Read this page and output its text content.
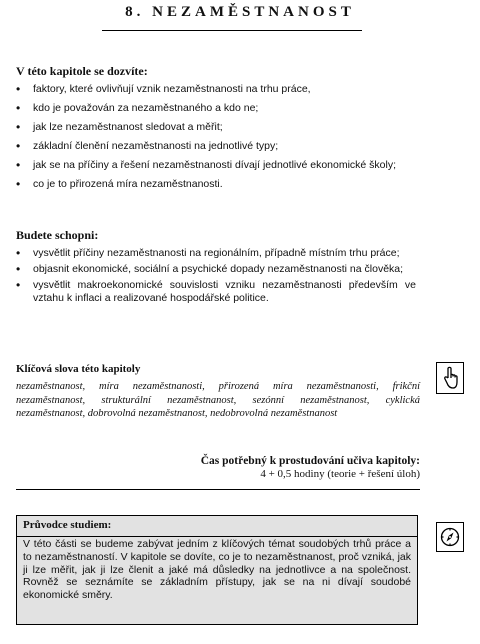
8. NEZAMĚSTNANOST
V této kapitole se dozvíte:
• faktory, které ovlivňují vznik nezaměstnanosti na trhu práce,
• kdo je považován za nezaměstnaného a kdo ne;
• jak lze nezaměstnanost sledovat a měřit;
• základní členění nezaměstnanosti na jednotlivé typy;
• jak se na příčiny a řešení nezaměstnanosti dívají jednotlivé ekonomické školy;
• co je to přirozená míra nezaměstnanosti.
Budete schopni:
• vysvětlit příčiny nezaměstnanosti na regionálním, případně místním trhu práce;
• objasnit ekonomické, sociální a psychické dopady nezaměstnanosti na člověka;
• vysvětlit makroekonomické souvislosti vzniku nezaměstnanosti především ve vztahu k inflaci a realizované hospodářské politice.
Klíčová slova této kapitoly
nezaměstnanost, míra nezaměstnanosti, přirozená míra nezaměstnanosti, frikční nezaměstnanost, strukturální nezaměstnanost, sezónní nezaměstnanost, cyklická nezaměstnanost, dobrovolná nezaměstnanost, nedobrovolná nezaměstnanost
Čas potřebný k prostudování učiva kapitoly:
4 + 0,5 hodiny (teorie + řešení úloh)
Průvodce studiem:
V této části se budeme zabývat jedním z klíčových témat soudobých trhů práce a to nezaměstnaností. V kapitole se dovíte, co je to nezaměstnanost, proč vzniká, jak ji lze měřit, jak ji lze členit a jaké má důsledky na jednotlivce a na společnost. Rovněž se seznámíte se základním přístupy, jak se na ni dívají soudobé ekonomické směry.
